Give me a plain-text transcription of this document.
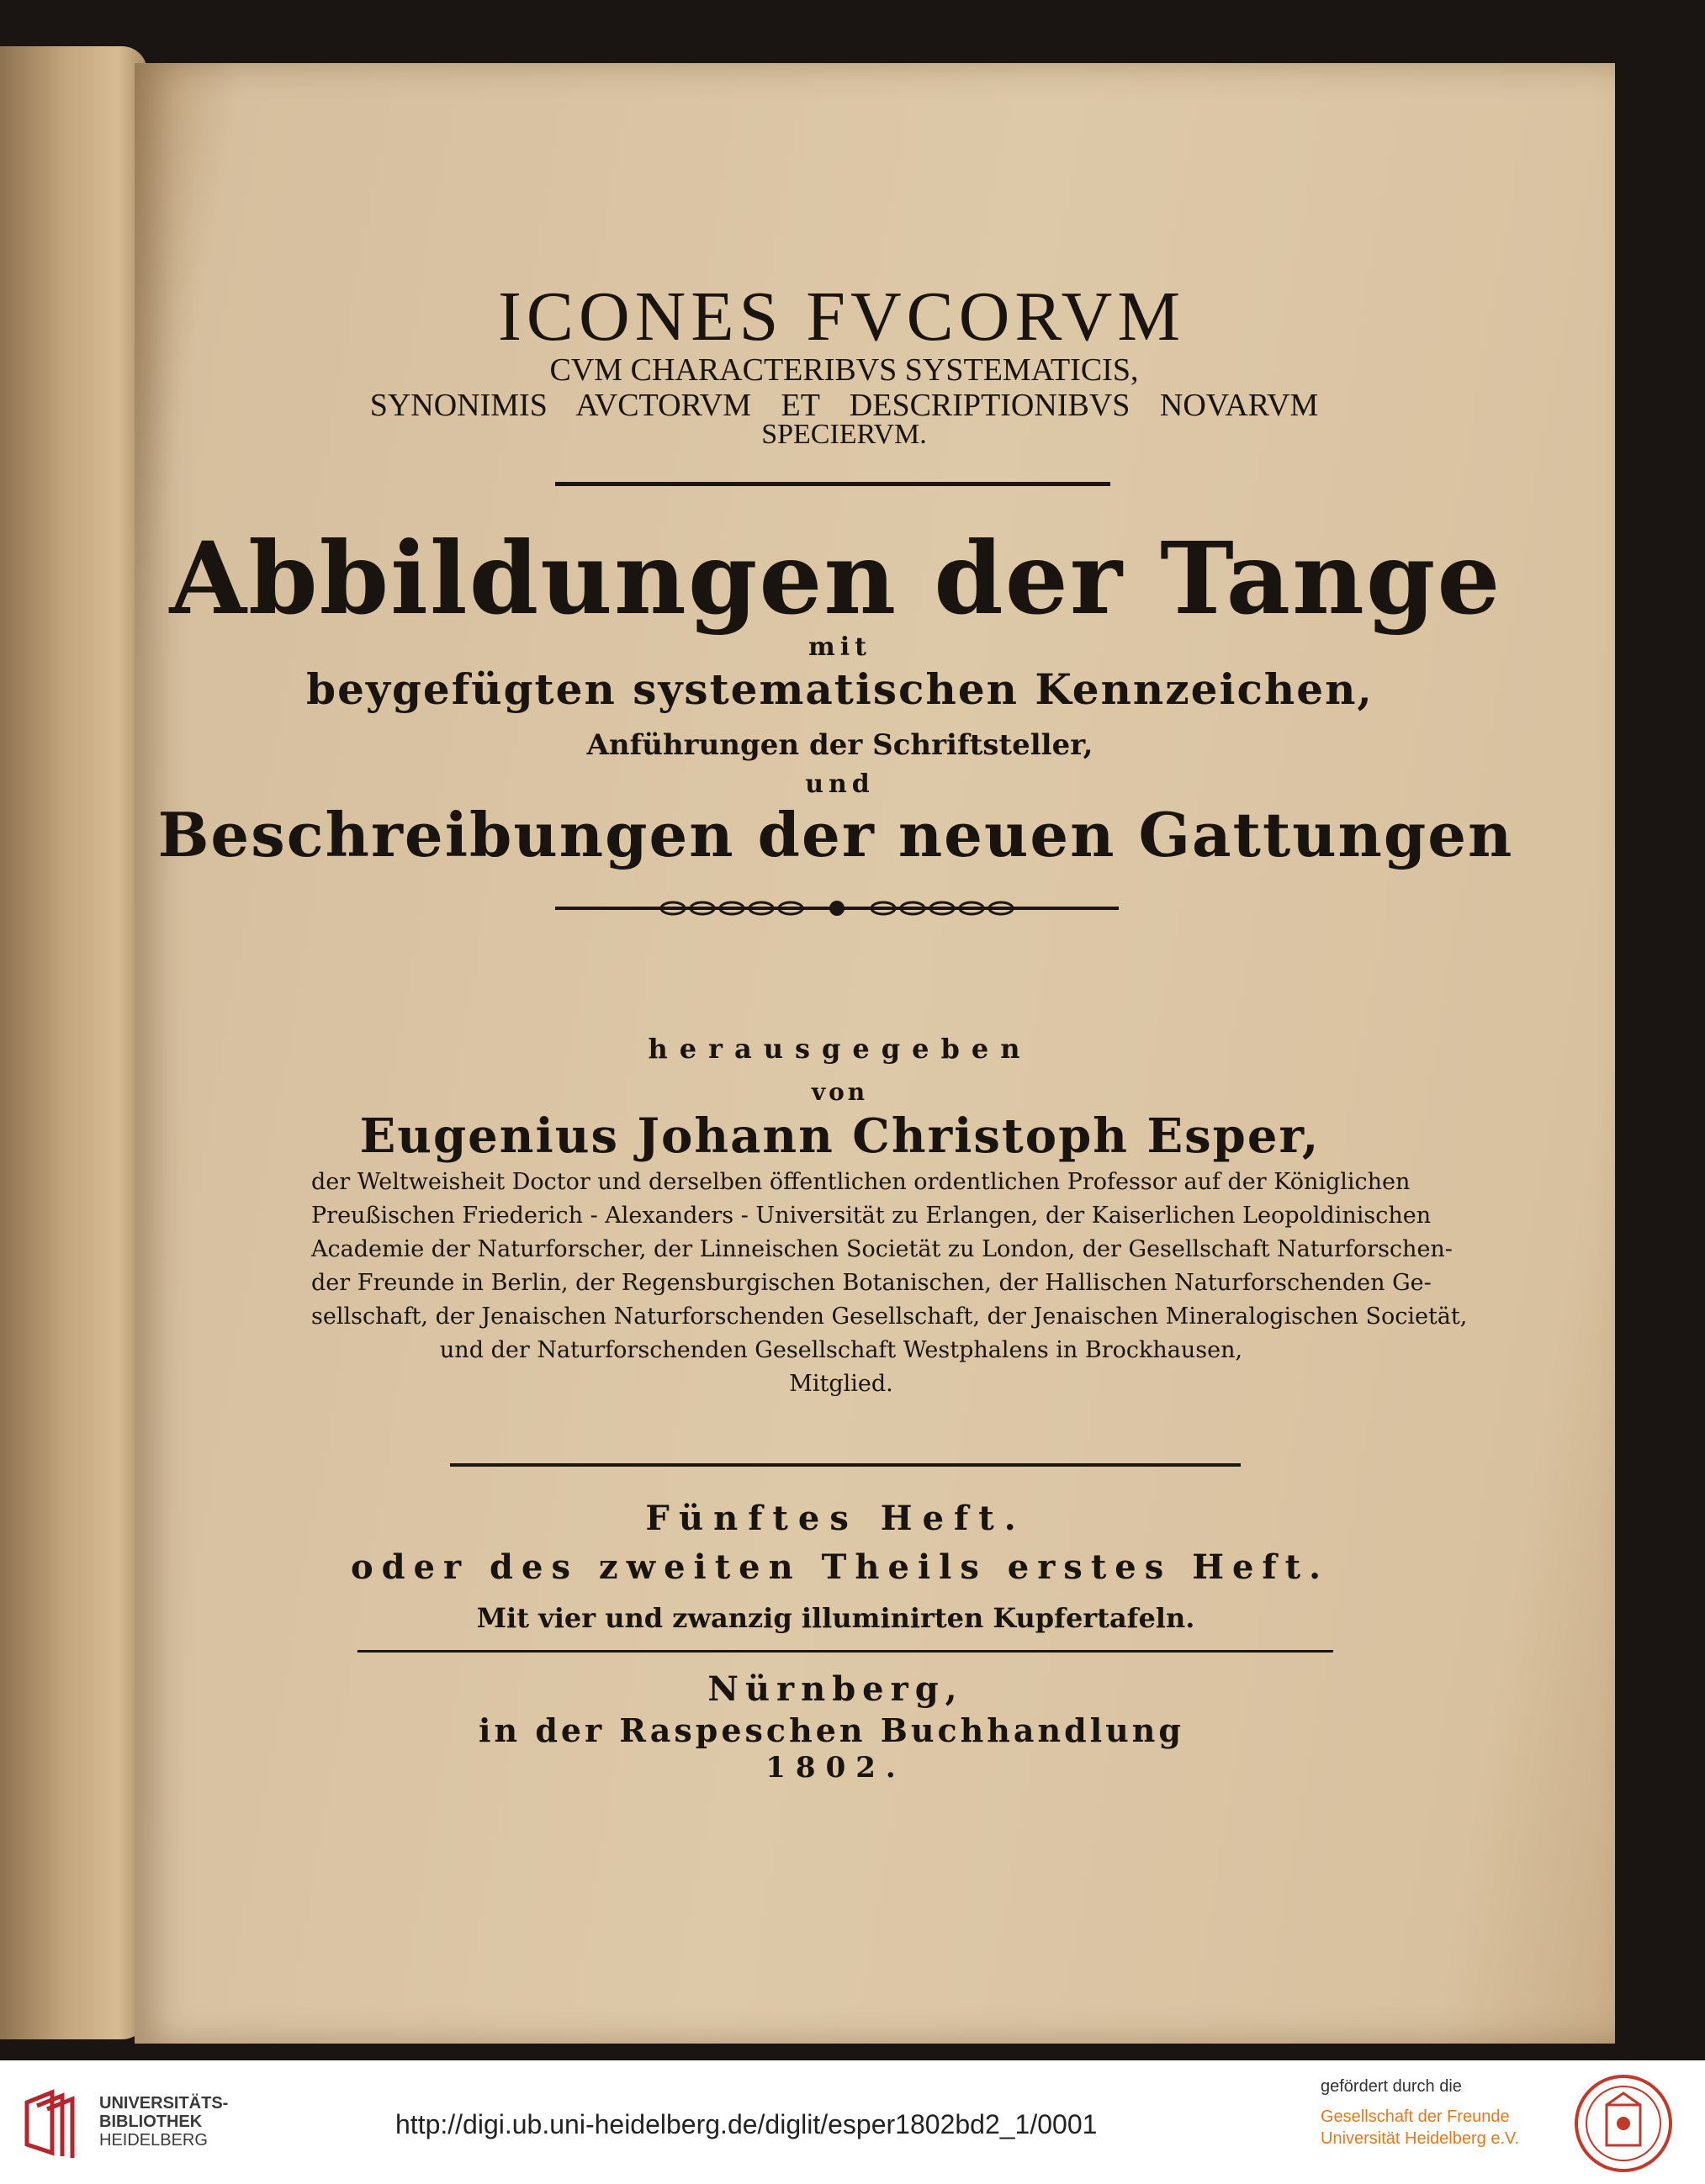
ICONES FVCORVM
CVM CHARACTERIBVS SYSTEMATICIS,
SYNONIMIS AVCTORVM ET DESCRIPTIONIBVS NOVARVM
SPECIERVM.
Abbildungen der Tange
mit
beygefügten systematischen Kennzeichen,
Anführungen der Schriftsteller,
und
Beschreibungen der neuen Gattungen
herausgegeben
von
Eugenius Johann Christoph Esper,
der Weltweisheit Doctor und derselben öffentlichen ordentlichen Professor auf der Königlichen
Preußischen Friederich - Alexanders - Universität zu Erlangen, der Kaiserlichen Leopoldinischen
Academie der Naturforscher, der Linneischen Societät zu London, der Gesellschaft Naturforschen-
der Freunde in Berlin, der Regensburgischen Botanischen, der Hallischen Naturforschenden Ge-
sellschaft, der Jenaischen Naturforschenden Gesellschaft, der Jenaischen Mineralogischen Societät,
und der Naturforschenden Gesellschaft Westphalens in Brockhausen,
Mitglied.
Fünftes Heft.
oder des zweiten Theils erstes Heft.
Mit vier und zwanzig illuminirten Kupfertafeln.
Nürnberg,
in der Raspeschen Buchhandlung
1802.
UNIVERSITÄTS-
BIBLIOTHEK
HEIDELBERG
http://digi.ub.uni-heidelberg.de/diglit/esper1802bd2_1/0001
gefördert durch die
Gesellschaft der Freunde
Universität Heidelberg e.V.
